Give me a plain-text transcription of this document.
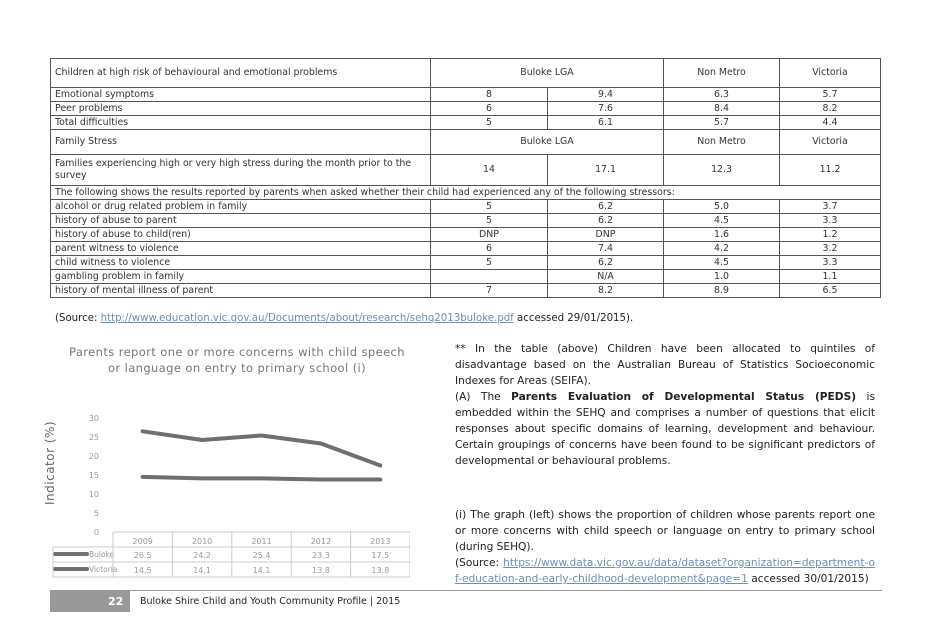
Children at high risk of behavioural and emotional problems	Buloke LGA		Non Metro	Victoria
Emotional symptoms	8	9.4	6.3	5.7
Peer problems	6	7.6	8.4	8.2
Total difficulties	5	6.1	5.7	4.4
Family Stress	Buloke LGA		Non Metro	Victoria
Families experiencing high or very high stress during the month prior to the survey	14	17.1	12.3	11.2
The following shows the results reported by parents when asked whether their child had experienced any of the following stressors:				
alcohol or drug related problem in family	5	6.2	5.0	3.7
history of abuse to parent	5	6.2	4.5	3.3
history of abuse to child(ren)	DNP	DNP	1.6	1.2
parent witness to violence	6	7.4	4.2	3.2
child witness to violence	5	6.2	4.5	3.3
gambling problem in family		N/A	1.0	1.1
history of mental illness of parent	7	8.2	8.9	6.5
(Source: http://www.education.vic.gov.au/Documents/about/research/sehq2013buloke.pdf accessed 29/01/2015).
Parents report one or more concerns with child speech or language on entry to primary school (i)
Indicator (%)
0
5
10
15
20
25
30
2009	2010	2011	2012	2013
Buloke 26.5	24.2	25.4	23.3	17.5
Victoria 14.5	14.1	14.1	13.8	13.8

** In the table (above) Children have been allocated to quintiles of disadvantage based on the Australian Bureau of Statistics Socioeconomic Indexes for Areas (SEIFA).

(A) The Parents Evaluation of Developmental Status (PEDS) is embedded within the SEHQ and comprises a number of questions that elicit responses about specific domains of learning, development and behaviour. Certain groupings of concerns have been found to be significant predictors of developmental or behavioural problems.

(i) The graph (left) shows the proportion of children whose parents report one or more concerns with child speech or language on entry to primary school (during SEHQ).

(Source: https://www.data.vic.gov.au/data/dataset?organization=department-of-education-and-early-childhood-development&page=1 accessed 30/01/2015)

22 Buloke Shire Child and Youth Community Profile | 2015
